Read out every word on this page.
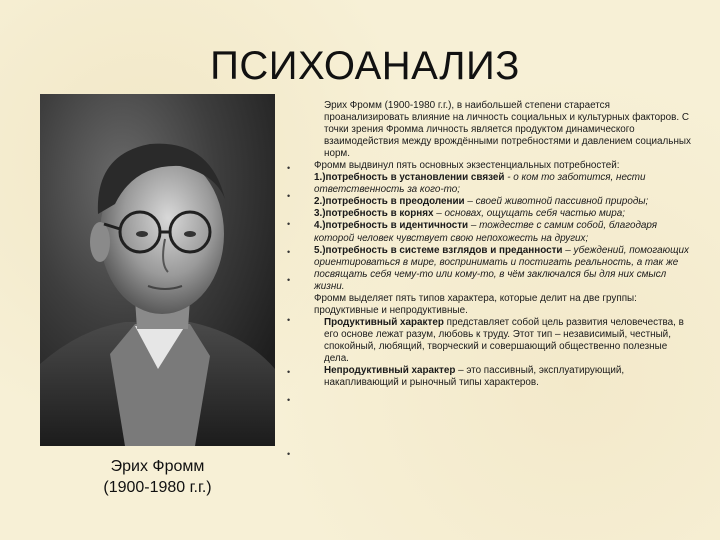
ПСИХОАНАЛИЗ
Эрих Фромм
(1900-1980 г.г.)
•
•
•
•
•
•
•
•
•

Эрих Фромм (1900-1980 г.г.), в наибольшей степени старается проанализировать влияние на личность социальных и культурных факторов. С точки зрения Фромма личность является продуктом динамического взаимодействия между врождёнными потребностями и давлением социальных норм.

Фромм выдвинул пять основных экзестенциальных потребностей:

1.)потребность в установлении связей - о ком то заботится, нести ответственность за кого-то;

2.)потребность в преодолении – своей животной пассивной природы;

3.)потребность в корнях – основах, ощущать себя частью мира;

4.)потребность в идентичности – тождестве с самим собой, благодаря которой человек чувствует свою непохожесть на других;

5.)потребность в системе взглядов и преданности – убеждений, помогающих ориентироваться в мире, воспринимать и постигать реальность, а так же посвящать себя чему-то или кому-то, в чём заключался бы для них смысл жизни.

Фромм выделяет пять типов характера, которые делит на две группы: продуктивные и непродуктивные.

Продуктивный характер представляет собой цель развития человечества, в его основе лежат разум, любовь к труду. Этот тип – независимый, честный, спокойный, любящий, творческий и совершающий общественно полезные дела.

Непродуктивный характер – это пассивный, эксплуатирующий, накапливающий и рыночный типы характеров.
